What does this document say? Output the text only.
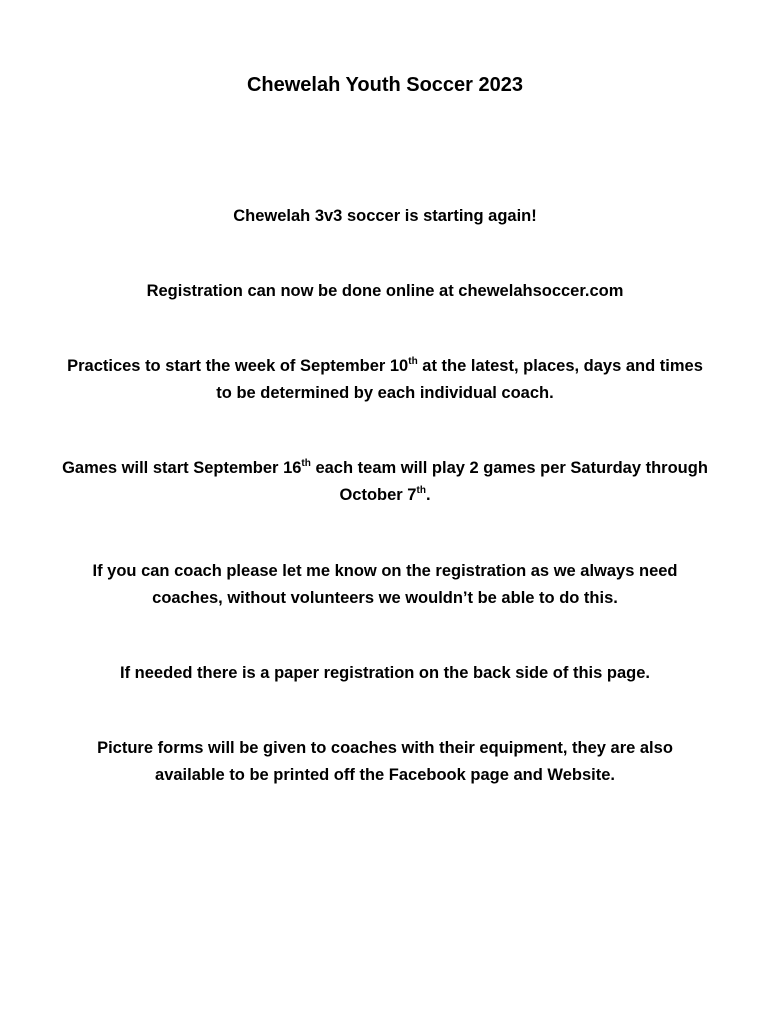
Chewelah Youth Soccer 2023

Chewelah 3v3 soccer is starting again!

Registration can now be done online at chewelahsoccer.com

Practices to start the week of September 10th at the latest, places, days and times to be determined by each individual coach.

Games will start September 16th each team will play 2 games per Saturday through October 7th.

If you can coach please let me know on the registration as we always need coaches, without volunteers we wouldn’t be able to do this.

If needed there is a paper registration on the back side of this page.

Picture forms will be given to coaches with their equipment, they are also available to be printed off the Facebook page and Website.
